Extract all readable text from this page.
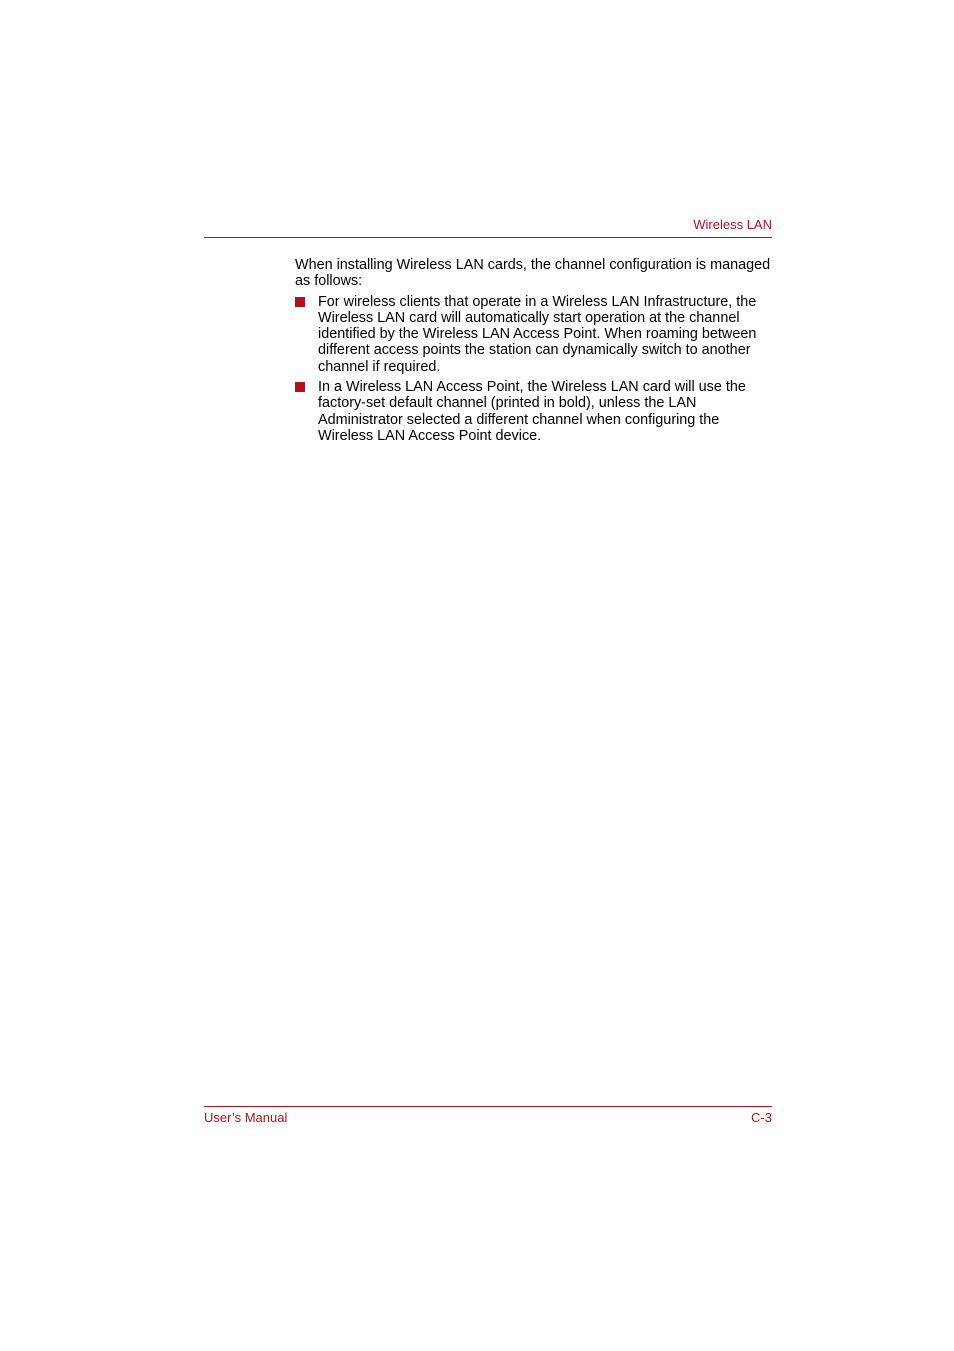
Wireless LAN

When installing Wireless LAN cards, the channel configuration is managed as follows:

For wireless clients that operate in a Wireless LAN Infrastructure, the Wireless LAN card will automatically start operation at the channel identified by the Wireless LAN Access Point. When roaming between different access points the station can dynamically switch to another channel if required.
In a Wireless LAN Access Point, the Wireless LAN card will use the factory-set default channel (printed in bold), unless the LAN Administrator selected a different channel when configuring the Wireless LAN Access Point device.
User’s Manual	C-3
